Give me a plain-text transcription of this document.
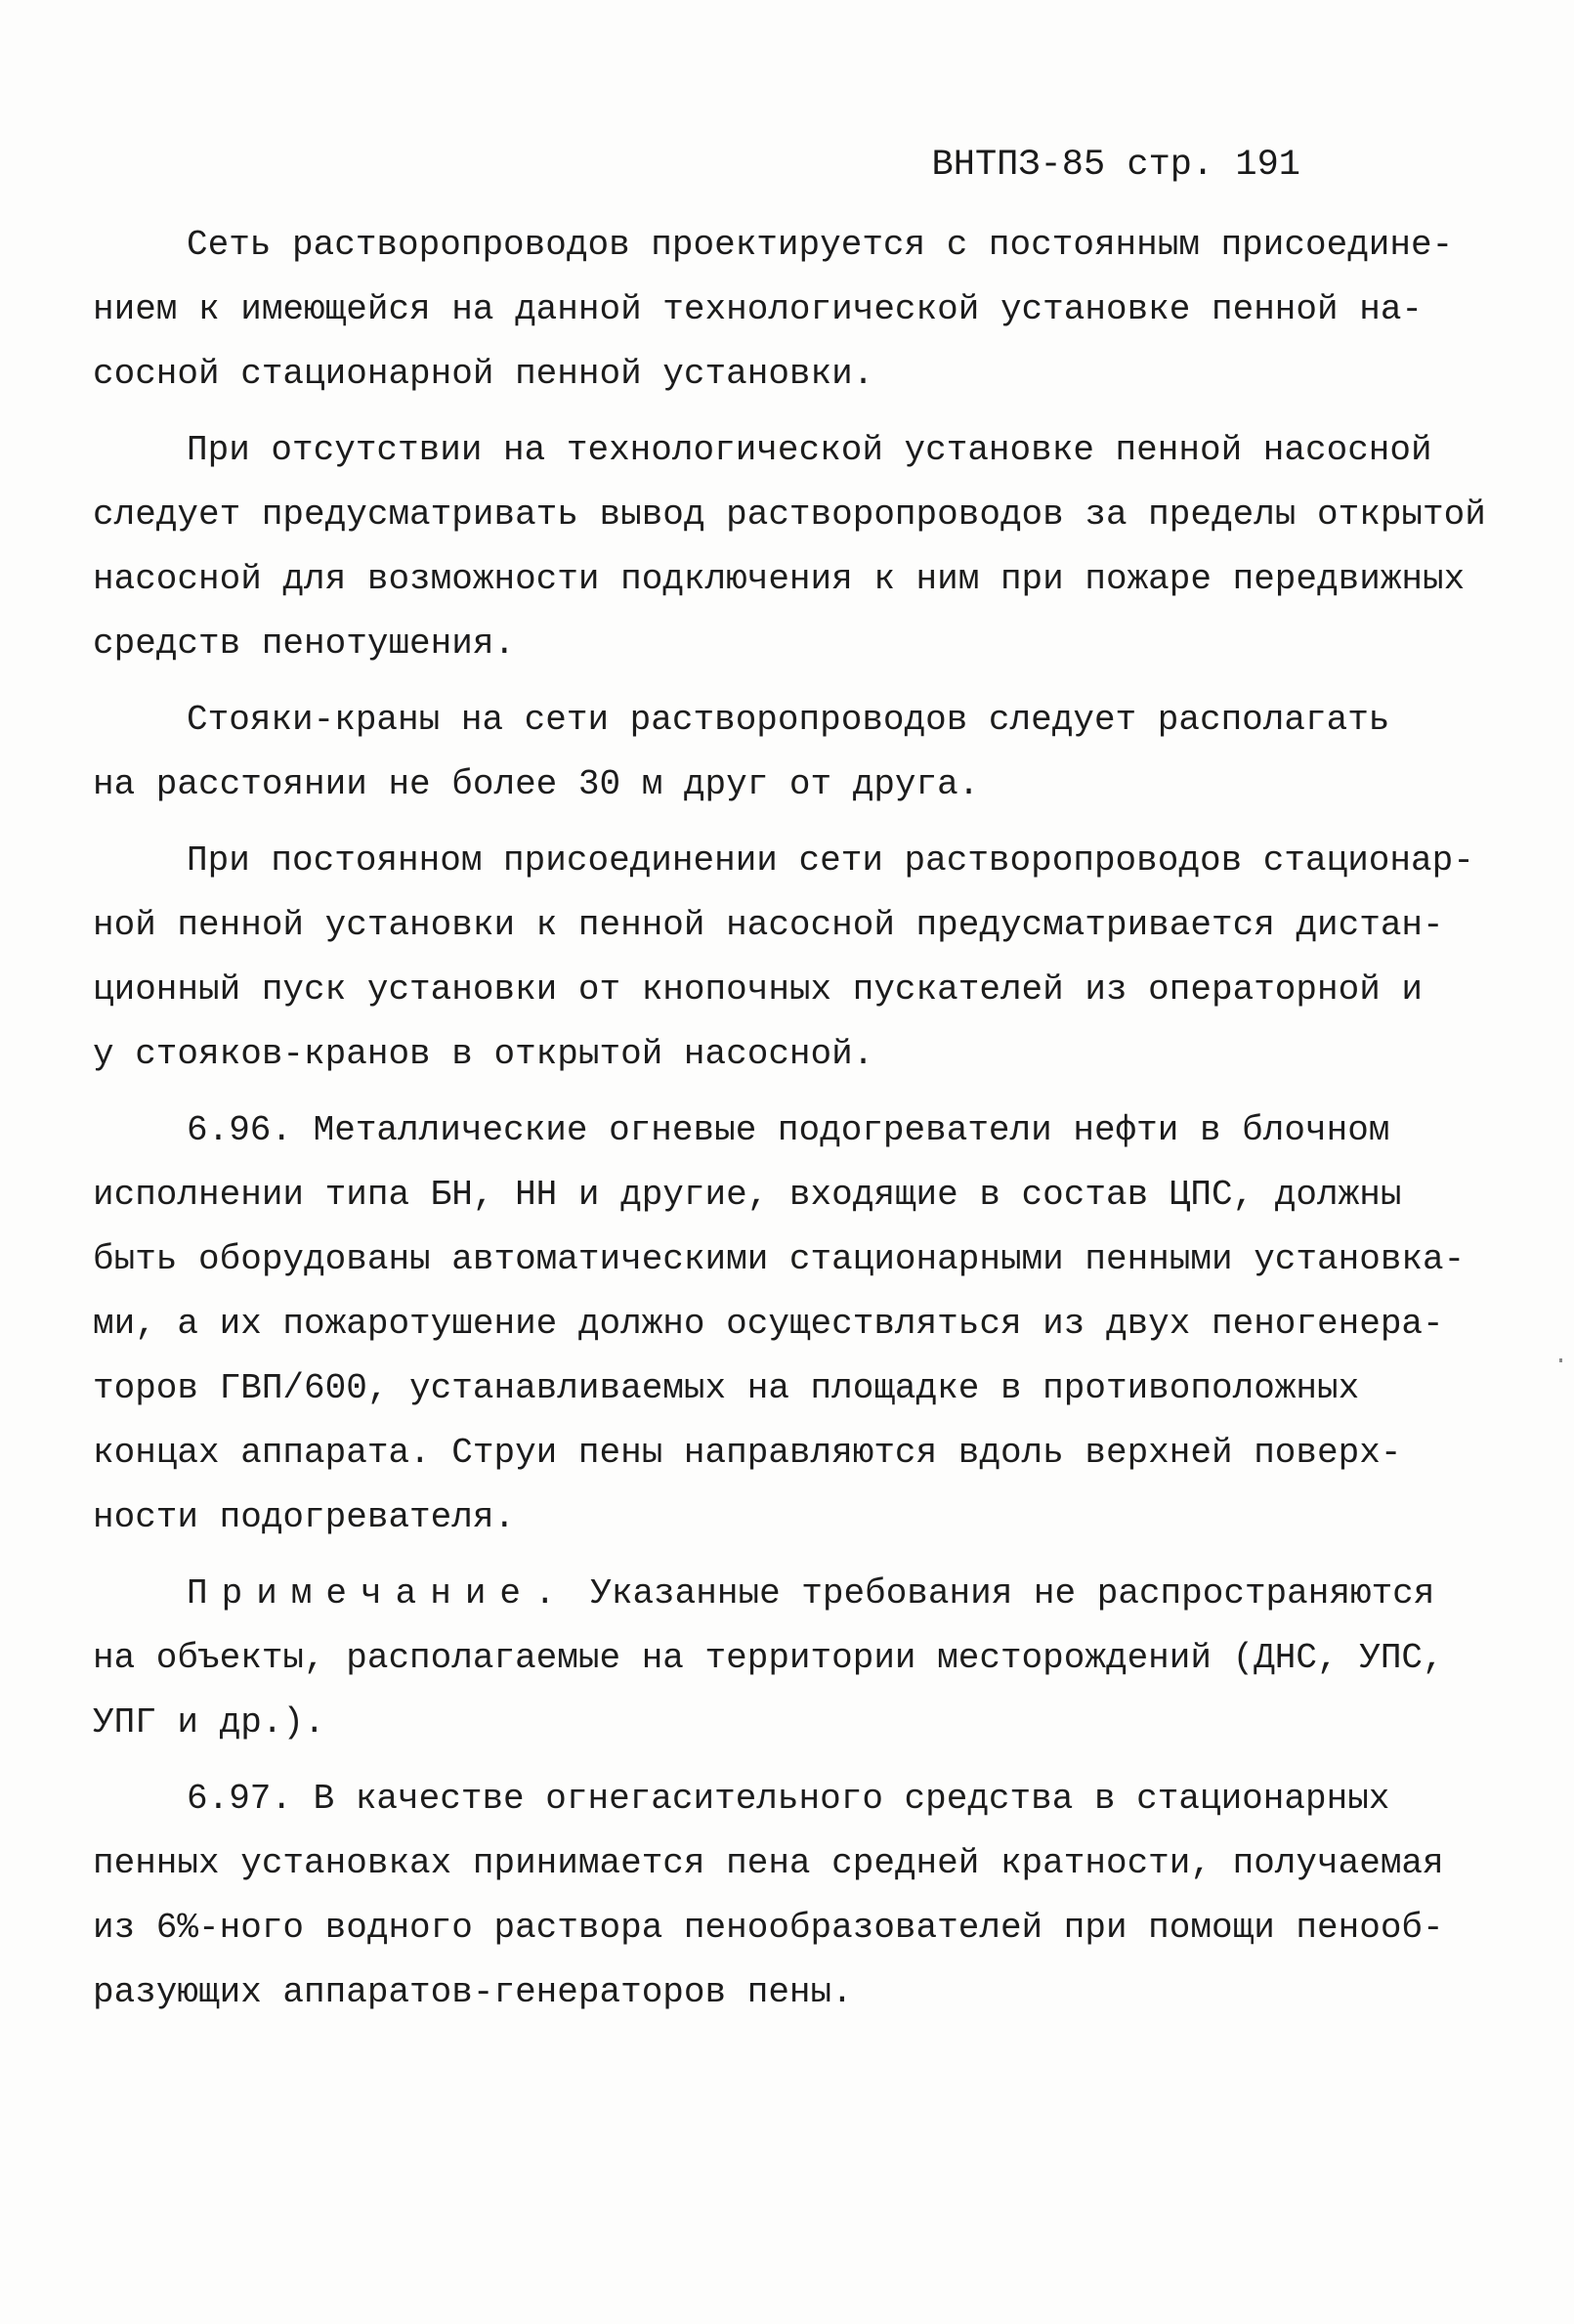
ВНТПЗ-85 стр. 191
Сеть растворопроводов проектируется с постоянным присоедине-
нием к имеющейся на данной технологической установке пенной на-
сосной стационарной пенной установки.
При отсутствии на технологической установке пенной насосной
следует предусматривать вывод растворопроводов за пределы открытой
насосной для возможности подключения к ним при пожаре передвижных
средств пенотушения.
Стояки-краны на сети растворопроводов следует располагать
на расстоянии не более 30 м друг от друга.
При постоянном присоединении сети растворопроводов стационар-
ной пенной установки к пенной насосной предусматривается дистан-
ционный пуск установки от кнопочных пускателей из операторной и
у стояков-кранов в открытой насосной.
6.96. Металлические огневые подогреватели нефти в блочном
исполнении типа БН, НН и другие, входящие в состав ЦПС, должны
быть оборудованы автоматическими стационарными пенными установка-
ми, а их пожаротушение должно осуществляться из двух пеногенера-
торов ГВП/600, устанавливаемых на площадке в противоположных
концах аппарата. Струи пены направляются вдоль верхней поверх-
ности подогревателя.
Примечание. Указанные требования не распространяются
на объекты, располагаемые на территории месторождений (ДНС, УПС,
УПГ и др.).
6.97. В качестве огнегасительного средства в стационарных
пенных установках принимается пена средней кратности, получаемая
из 6%-ного водного раствора пенообразователей при помощи пенооб-
разующих аппаратов-генераторов пены.
